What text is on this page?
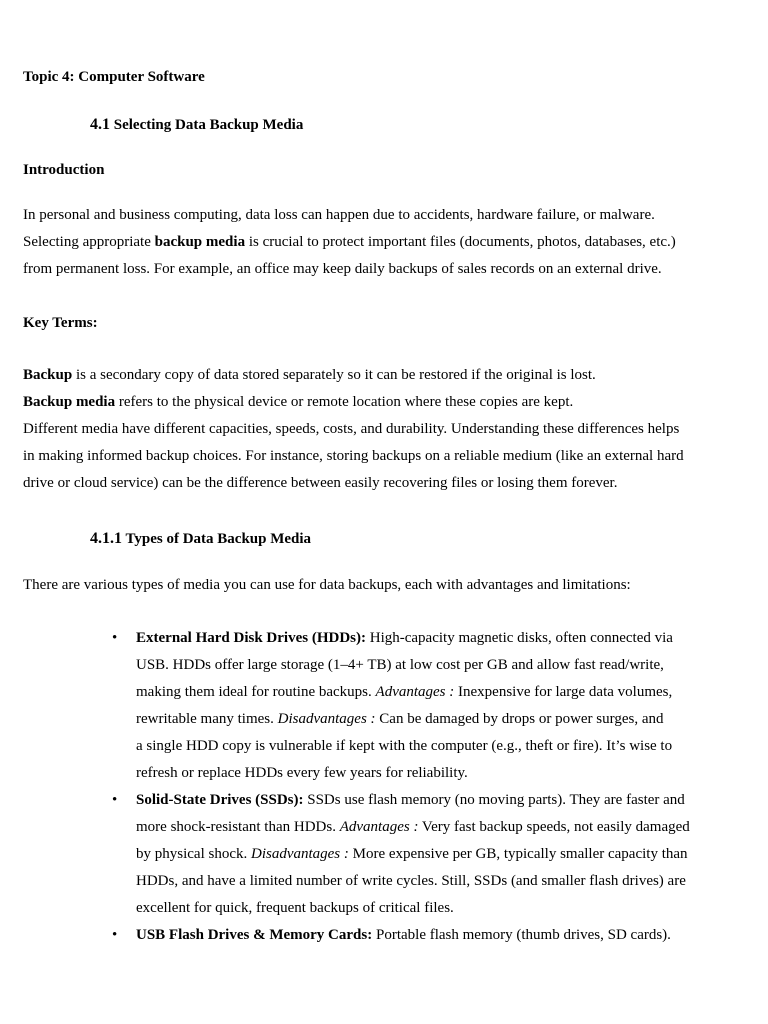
Topic 4: Computer Software
4.1 Selecting Data Backup Media
Introduction

In personal and business computing, data loss can happen due to accidents, hardware failure, or malware.
Selecting appropriate backup media is crucial to protect important files (documents, photos, databases, etc.)
from permanent loss. For example, an office may keep daily backups of sales records on an external drive.

Key Terms:

Backup is a secondary copy of data stored separately so it can be restored if the original is lost.
Backup media refers to the physical device or remote location where these copies are kept.
Different media have different capacities, speeds, costs, and durability. Understanding these differences helps
in making informed backup choices. For instance, storing backups on a reliable medium (like an external hard
drive or cloud service) can be the difference between easily recovering files or losing them forever.

4.1.1 Types of Data Backup Media

There are various types of media you can use for data backups, each with advantages and limitations:

• External Hard Disk Drives (HDDs): High-capacity magnetic disks, often connected via
USB. HDDs offer large storage (1–4+ TB) at low cost per GB and allow fast read/write,
making them ideal for routine backups. Advantages : Inexpensive for large data volumes,
rewritable many times. Disadvantages : Can be damaged by drops or power surges, and
a single HDD copy is vulnerable if kept with the computer (e.g., theft or fire). It’s wise to
refresh or replace HDDs every few years for reliability.
• Solid-State Drives (SSDs): SSDs use flash memory (no moving parts). They are faster and
more shock-resistant than HDDs. Advantages : Very fast backup speeds, not easily damaged
by physical shock. Disadvantages : More expensive per GB, typically smaller capacity than
HDDs, and have a limited number of write cycles. Still, SSDs (and smaller flash drives) are
excellent for quick, frequent backups of critical files.
• USB Flash Drives & Memory Cards: Portable flash memory (thumb drives, SD cards).
